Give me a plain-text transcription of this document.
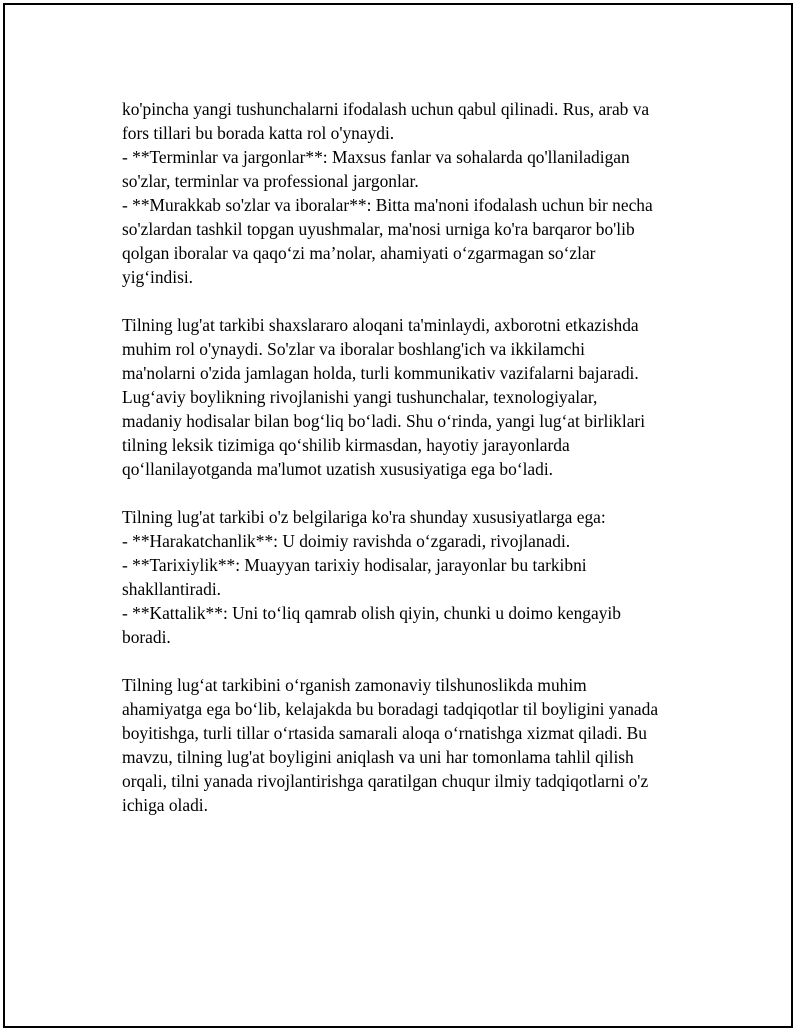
ko'pincha yangi tushunchalarni ifodalash uchun qabul qilinadi. Rus, arab va
fors tillari bu borada katta rol o'ynaydi.
- **Terminlar va jargonlar**: Maxsus fanlar va sohalarda qo'llaniladigan
so'zlar, terminlar va professional jargonlar.
- **Murakkab so'zlar va iboralar**: Bitta ma'noni ifodalash uchun bir necha
so'zlardan tashkil topgan uyushmalar, ma'nosi urniga ko'ra barqaror bo'lib
qolgan iboralar va qaqo‘zi ma’nolar, ahamiyati o‘zgarmagan so‘zlar
yig‘indisi.

Tilning lug'at tarkibi shaxslararo aloqani ta'minlaydi, axborotni etkazishda
muhim rol o'ynaydi. So'zlar va iboralar boshlang'ich va ikkilamchi
ma'nolarni o'zida jamlagan holda, turli kommunikativ vazifalarni bajaradi.
Lug‘aviy boylikning rivojlanishi yangi tushunchalar, texnologiyalar,
madaniy hodisalar bilan bog‘liq bo‘ladi. Shu o‘rinda, yangi lug‘at birliklari
tilning leksik tizimiga qo‘shilib kirmasdan, hayotiy jarayonlarda
qo‘llanilayotganda ma'lumot uzatish xususiyatiga ega bo‘ladi.

Tilning lug'at tarkibi o'z belgilariga ko'ra shunday xususiyatlarga ega:
- **Harakatchanlik**: U doimiy ravishda o‘zgaradi, rivojlanadi.
- **Tarixiylik**: Muayyan tarixiy hodisalar, jarayonlar bu tarkibni
shakllantiradi.
- **Kattalik**: Uni to‘liq qamrab olish qiyin, chunki u doimo kengayib
boradi.

Tilning lug‘at tarkibini o‘rganish zamonaviy tilshunoslikda muhim
ahamiyatga ega bo‘lib, kelajakda bu boradagi tadqiqotlar til boyligini yanada
boyitishga, turli tillar o‘rtasida samarali aloqa o‘rnatishga xizmat qiladi. Bu
mavzu, tilning lug'at boyligini aniqlash va uni har tomonlama tahlil qilish
orqali, tilni yanada rivojlantirishga qaratilgan chuqur ilmiy tadqiqotlarni o'z
ichiga oladi.
